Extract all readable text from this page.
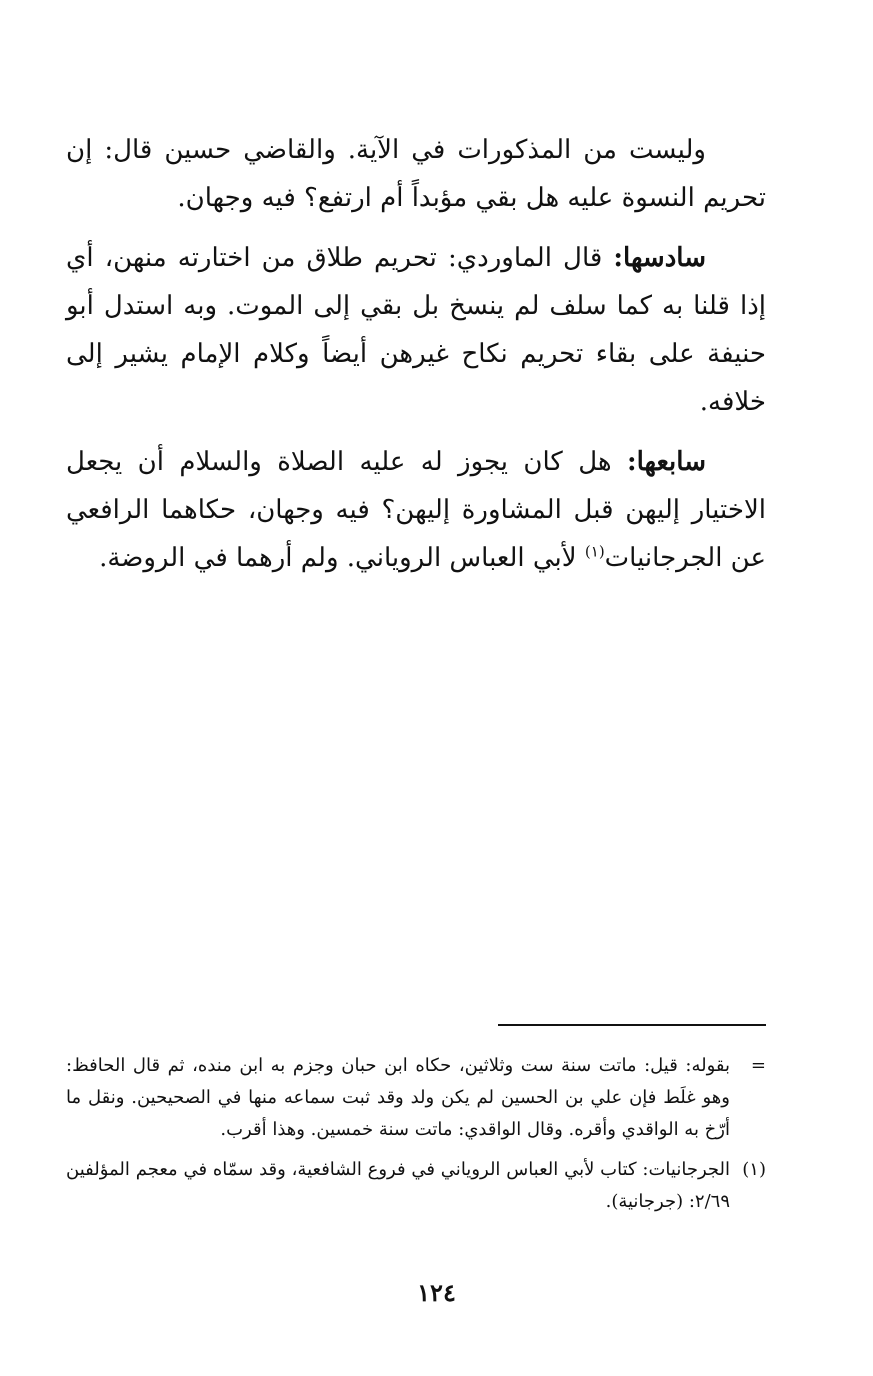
وليست من المذكورات في الآية. والقاضي حسين قال: إن تحريم النسوة عليه هل بقي مؤبداً أم ارتفع؟ فيه وجهان.

سادسها: قال الماوردي: تحريم طلاق من اختارته منهن، أي إذا قلنا به كما سلف لم ينسخ بل بقي إلى الموت. وبه استدل أبو حنيفة على بقاء تحريم نكاح غيرهن أيضاً وكلام الإمام يشير إلى خلافه.

سابعها: هل كان يجوز له عليه الصلاة والسلام أن يجعل الاختيار إليهن قبل المشاورة إليهن؟ فيه وجهان، حكاهما الرافعي عن الجرجانيات$^{(١)}$ لأبي العباس الروياني. ولم أرهما في الروضة.

=
بقوله: قيل: ماتت سنة ست وثلاثين، حكاه ابن حبان وجزم به ابن منده، ثم قال الحافظ: وهو غلَط فإن علي بن الحسين لم يكن ولد وقد ثبت سماعه منها في الصحيحين. ونقل ما أرّخ به الواقدي وأقره. وقال الواقدي: ماتت سنة خمسين. وهذا أقرب.

(١)
الجرجانيات: كتاب لأبي العباس الروياني في فروع الشافعية، وقد سمّاه في معجم المؤلفين ٢/٦٩: (جرجانية).

١٢٤
